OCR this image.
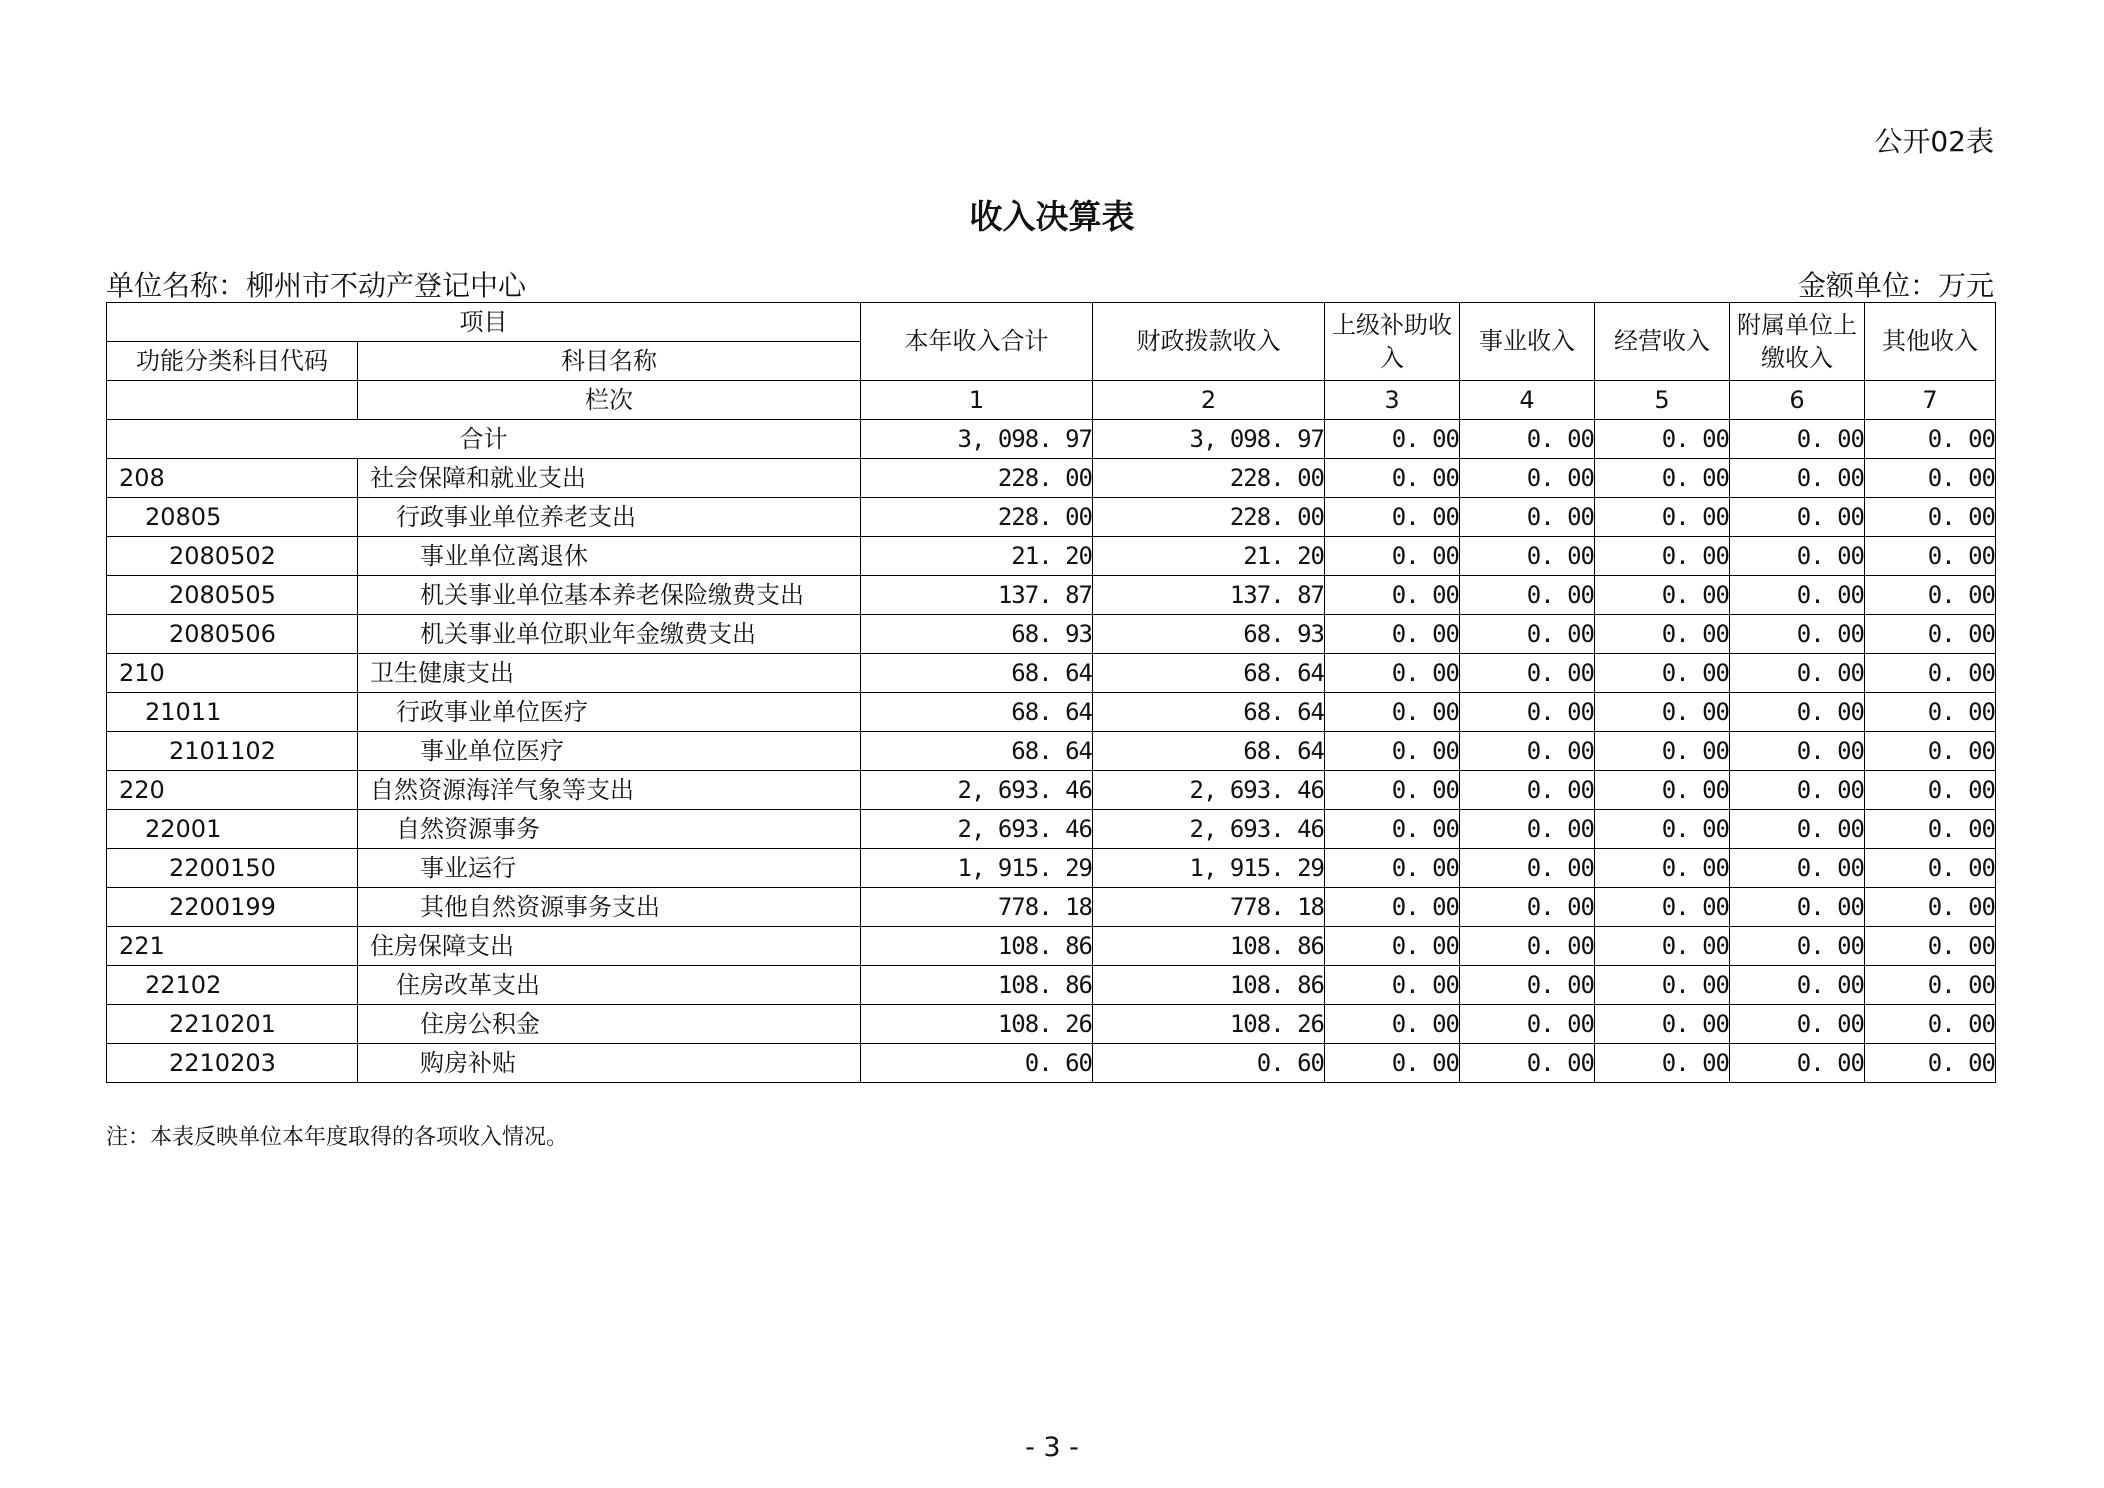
公开02表
收入决算表
单位名称：柳州市不动产登记中心	金额单位：万元
项目		本年收入合计	财政拨款收入	上级补助收入	事业收入	经营收入	附属单位上缴收入	其他收入
功能分类科目代码	科目名称							
	栏次	1	2	3	4	5	6	7
合计		3, 098. 97	3, 098. 97	0. 00	0. 00	0. 00	0. 00	0. 00
208	社会保障和就业支出	228. 00	228. 00	0. 00	0. 00	0. 00	0. 00	0. 00
20805	行政事业单位养老支出	228. 00	228. 00	0. 00	0. 00	0. 00	0. 00	0. 00
2080502	事业单位离退休	21. 20	21. 20	0. 00	0. 00	0. 00	0. 00	0. 00
2080505	机关事业单位基本养老保险缴费支出	137. 87	137. 87	0. 00	0. 00	0. 00	0. 00	0. 00
2080506	机关事业单位职业年金缴费支出	68. 93	68. 93	0. 00	0. 00	0. 00	0. 00	0. 00
210	卫生健康支出	68. 64	68. 64	0. 00	0. 00	0. 00	0. 00	0. 00
21011	行政事业单位医疗	68. 64	68. 64	0. 00	0. 00	0. 00	0. 00	0. 00
2101102	事业单位医疗	68. 64	68. 64	0. 00	0. 00	0. 00	0. 00	0. 00
220	自然资源海洋气象等支出	2, 693. 46	2, 693. 46	0. 00	0. 00	0. 00	0. 00	0. 00
22001	自然资源事务	2, 693. 46	2, 693. 46	0. 00	0. 00	0. 00	0. 00	0. 00
2200150	事业运行	1, 915. 29	1, 915. 29	0. 00	0. 00	0. 00	0. 00	0. 00
2200199	其他自然资源事务支出	778. 18	778. 18	0. 00	0. 00	0. 00	0. 00	0. 00
221	住房保障支出	108. 86	108. 86	0. 00	0. 00	0. 00	0. 00	0. 00
22102	住房改革支出	108. 86	108. 86	0. 00	0. 00	0. 00	0. 00	0. 00
2210201	住房公积金	108. 26	108. 26	0. 00	0. 00	0. 00	0. 00	0. 00
2210203	购房补贴	0. 60	0. 60	0. 00	0. 00	0. 00	0. 00	0. 00
注：本表反映单位本年度取得的各项收入情况。
- 3 -
